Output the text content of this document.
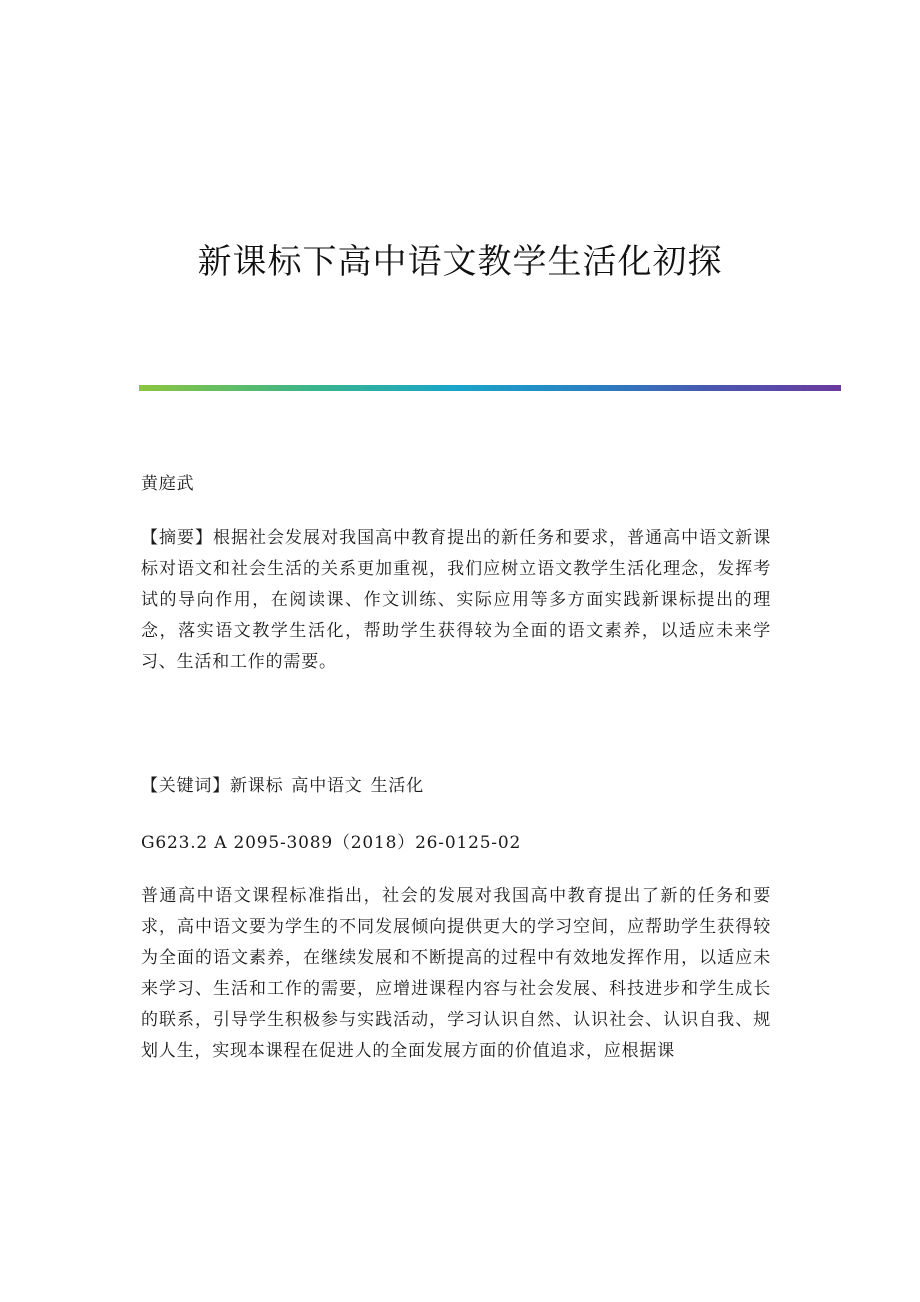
新课标下高中语文教学生活化初探
黄庭武
【摘要】根据社会发展对我国高中教育提出的新任务和要求，普通高中语文新课标对语文和社会生活的关系更加重视，我们应树立语文教学生活化理念，发挥考试的导向作用，在阅读课、作文训练、实际应用等多方面实践新课标提出的理念，落实语文教学生活化，帮助学生获得较为全面的语文素养，以适应未来学习、生活和工作的需要。
【关键词】新课标 高中语文 生活化
G623.2 A 2095-3089（2018）26-0125-02
普通高中语文课程标准指出，社会的发展对我国高中教育提出了新的任务和要求，高中语文要为学生的不同发展倾向提供更大的学习空间，应帮助学生获得较为全面的语文素养，在继续发展和不断提高的过程中有效地发挥作用，以适应未来学习、生活和工作的需要，应增进课程内容与社会发展、科技进步和学生成长的联系，引导学生积极参与实践活动，学习认识自然、认识社会、认识自我、规划人生，实现本课程在促进人的全面发展方面的价值追求，应根据课
